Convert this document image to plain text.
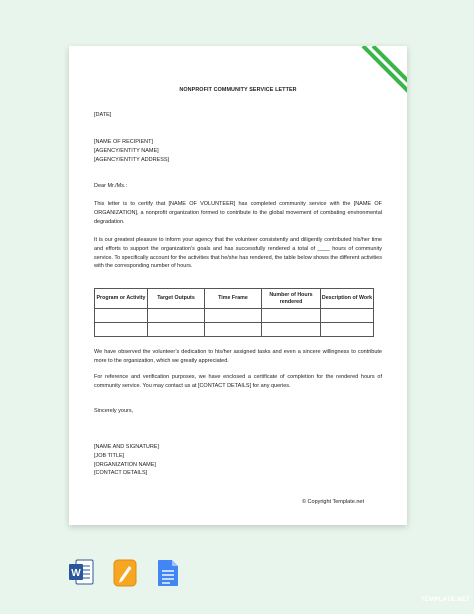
NONPROFIT COMMUNITY SERVICE LETTER

[DATE]

[NAME OF RECIPIENT]

[AGENCY/ENTITY NAME]

[AGENCY/ENTITY ADDRESS]

Dear Mr./Ms.:

This letter is to certify that [NAME OF VOLUNTEER] has completed community service with the [NAME OF ORGANIZATION], a nonprofit organization formed to contribute to the global movement of combating environmental degradation.

It is our greatest pleasure to inform your agency that the volunteer consistently and diligently contributed his/her time and efforts to support the organization’s goals and has successfully rendered a total of ____ hours of community service. To specifically account for the activities that he/she has rendered, the table below shows the different activities with the corresponding number of hours.

Program or Activity	Target Outputs	Time Frame	Number of Hours rendered	Description of Work

We have observed the volunteer’s dedication to his/her assigned tasks and even a sincere willingness to contribute more to the organization, which we greatly appreciated.

For reference and verification purposes, we have enclosed a certificate of completion for the rendered hours of community service. You may contact us at [CONTACT DETAILS] for any queries.

Sincerely yours,

[NAME AND SIGNATURE]

[JOB TITLE]

[ORGANIZATION NAME]

[CONTACT DETAILS]

© Copyright Template.net
W
TEMPLATE.NET
